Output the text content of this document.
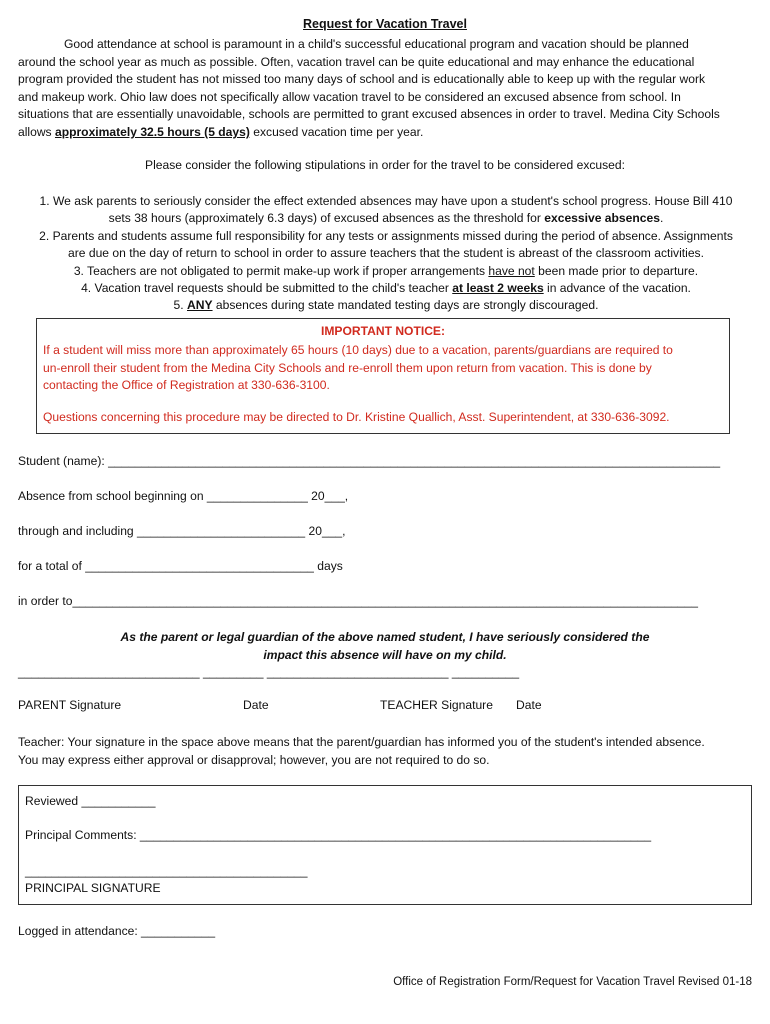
Request for Vacation Travel

Good attendance at school is paramount in a child's successful educational program and vacation should be planned

around the school year as much as possible. Often, vacation travel can be quite educational and may enhance the educational

program provided the student has not missed too many days of school and is educationally able to keep up with the regular work

and makeup work. Ohio law does not specifically allow vacation travel to be considered an excused absence from school. In

situations that are essentially unavoidable, schools are permitted to grant excused absences in order to travel. Medina City Schools

allows approximately 32.5 hours (5 days) excused vacation time per year.

Please consider the following stipulations in order for the travel to be considered excused:

1. We ask parents to seriously consider the effect extended absences may have upon a student's school progress. House Bill 410

sets 38 hours (approximately 6.3 days) of excused absences as the threshold for excessive absences.

2. Parents and students assume full responsibility for any tests or assignments missed during the period of absence. Assignments

are due on the day of return to school in order to assure teachers that the student is abreast of the classroom activities.

3. Teachers are not obligated to permit make-up work if proper arrangements have not been made prior to departure.

4. Vacation travel requests should be submitted to the child's teacher at least 2 weeks in advance of the vacation.

5. ANY absences during state mandated testing days are strongly discouraged.

IMPORTANT NOTICE:
If a student will miss more than approximately 65 hours (10 days) due to a vacation, parents/guardians are required to
un-enroll their student from the Medina City Schools and re-enroll them upon return from vacation. This is done by
contacting the Office of Registration at 330-636-3100.
Questions concerning this procedure may be directed to Dr. Kristine Quallich, Asst. Superintendent, at 330-636-3092.
Student (name): ___________________________________________________________________________________________
Absence from school beginning on _______________ 20___,
through and including _________________________ 20___,
for a total of __________________________________ days
in order to_____________________________________________________________________________________________
As the parent or legal guardian of the above named student, I have seriously considered the
impact this absence will have on my child.
___________________________ _________ ___________________________ __________
PARENT Signature	Date	TEACHER Signature Date

Teacher: Your signature in the space above means that the parent/guardian has informed you of the student's intended absence.

You may express either approval or disapproval; however, you are not required to do so.

Reviewed ___________
Principal Comments: ____________________________________________________________________________
__________________________________________
PRINCIPAL SIGNATURE
Logged in attendance: ___________
Office of Registration Form/Request for Vacation Travel Revised 01-18
